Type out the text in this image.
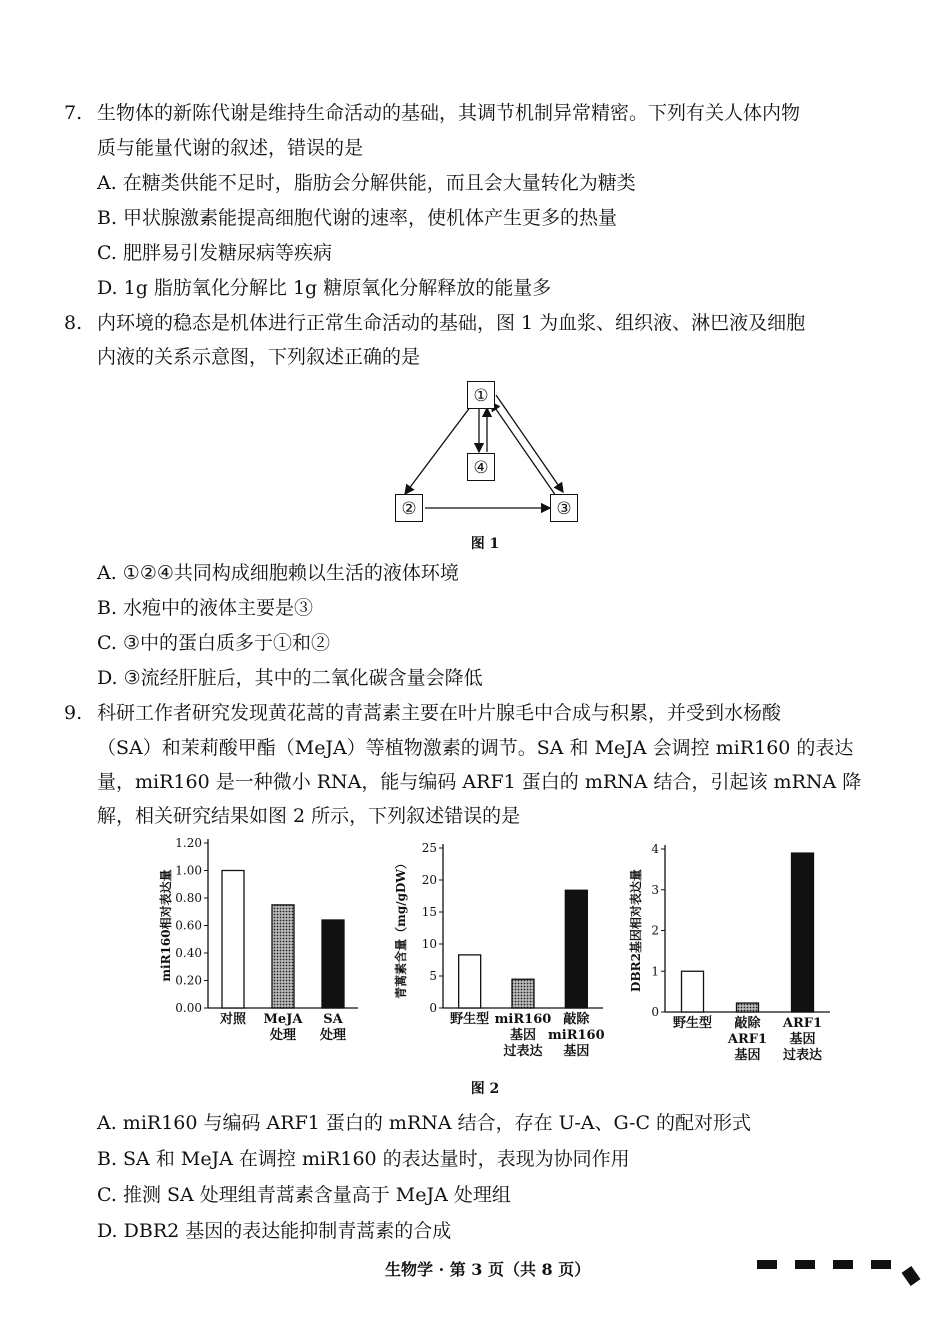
7. 生物体的新陈代谢是维持生命活动的基础，其调节机制异常精密。下列有关人体内物
质与能量代谢的叙述，错误的是
A. 在糖类供能不足时，脂肪会分解供能，而且会大量转化为糖类
B. 甲状腺激素能提高细胞代谢的速率，使机体产生更多的热量
C. 肥胖易引发糖尿病等疾病
D. 1g 脂肪氧化分解比 1g 糖原氧化分解释放的能量多
8. 内环境的稳态是机体进行正常生命活动的基础，图 1 为血浆、组织液、淋巴液及细胞
内液的关系示意图，下列叙述正确的是
①
④
②	③
图 1
A. ①②④共同构成细胞赖以生活的液体环境
B. 水疱中的液体主要是③
C. ③中的蛋白质多于①和②
D. ③流经肝脏后，其中的二氧化碳含量会降低
9. 科研工作者研究发现黄花蒿的青蒿素主要在叶片腺毛中合成与积累，并受到水杨酸
（SA）和茉莉酸甲酯（MeJA）等植物激素的调节。SA 和 MeJA 会调控 miR160 的表达
量，miR160 是一种微小 RNA，能与编码 ARF1 蛋白的 mRNA 结合，引起该 mRNA 降
解，相关研究结果如图 2 所示，下列叙述错误的是
0.00
0.20
0.40
0.60
0.80
1.00
1.20
miR160相对表达量
对照 MeJA
处理
SA
处理
0
5
10
15
20
25
青蒿素含量（mg/gDW）
野生型 miR160
基因
过表达
敲除
miR160
基因
0
1
2
3
4
DBR2基因相对表达量
野生型 敲除
ARF1
基因
ARF1
基因
过表达
图 2
A. miR160 与编码 ARF1 蛋白的 mRNA 结合，存在 U-A、G-C 的配对形式
B. SA 和 MeJA 在调控 miR160 的表达量时，表现为协同作用
C. 推测 SA 处理组青蒿素含量高于 MeJA 处理组
D. DBR2 基因的表达能抑制青蒿素的合成
生物学 · 第 3 页（共 8 页）
